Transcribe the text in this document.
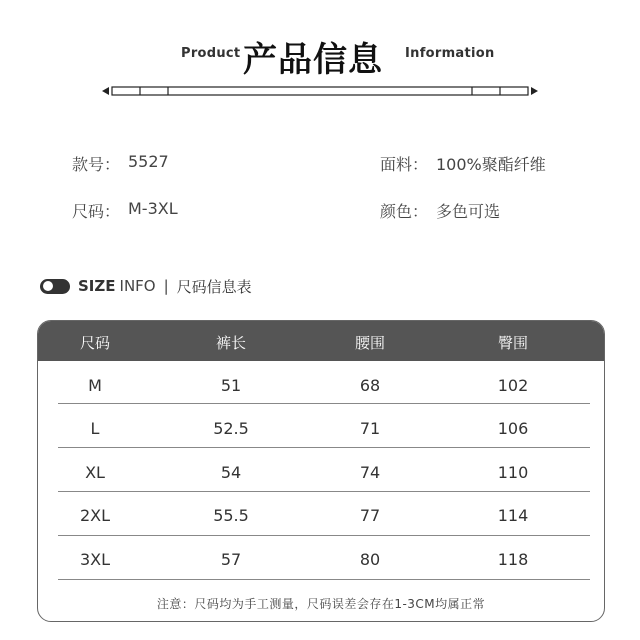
Product 产品信息 Information
款号： 5527	面料： 100%聚酯纤维
尺码： M-3XL	颜色： 多色可选
SIZE INFO | 尺码信息表
尺码	裤长	腰围	臀围
M	51	68	102
L	52.5	71	106
XL	54	74	110
2XL	55.5	77	114
3XL	57	80	118
注意：尺码均为手工测量，尺码误差会存在1-3CM均属正常
